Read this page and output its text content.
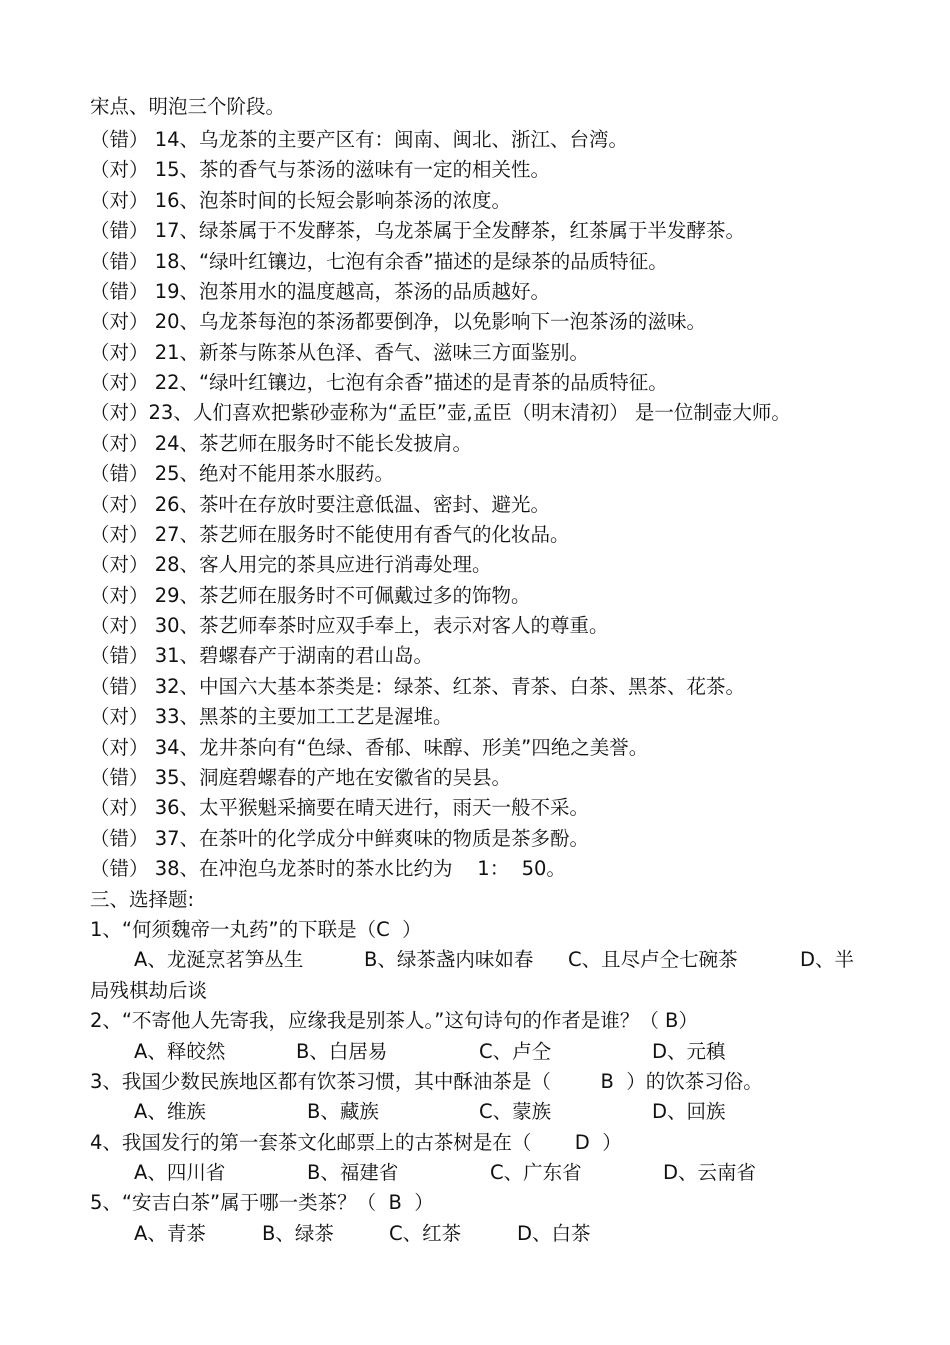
宋点、明泡三个阶段。
（错） 14、乌龙茶的主要产区有：闽南、闽北、浙江、台湾。
（对） 15、茶的香气与茶汤的滋味有一定的相关性。
（对） 16、泡茶时间的长短会影响茶汤的浓度。
（错） 17、绿茶属于不发酵茶，乌龙茶属于全发酵茶，红茶属于半发酵茶。
（错） 18、“绿叶红镶边，七泡有余香”描述的是绿茶的品质特征。
（错） 19、泡茶用水的温度越高，茶汤的品质越好。
（对） 20、乌龙茶每泡的茶汤都要倒净，以免影响下一泡茶汤的滋味。
（对） 21、新茶与陈茶从色泽、香气、滋味三方面鉴别。
（对） 22、“绿叶红镶边，七泡有余香”描述的是青茶的品质特征。
（对）23、人们喜欢把紫砂壶称为“孟臣”壶,孟臣（明末清初） 是一位制壶大师。
（对） 24、茶艺师在服务时不能长发披肩。
（错） 25、绝对不能用茶水服药。
（对） 26、茶叶在存放时要注意低温、密封、避光。
（对） 27、茶艺师在服务时不能使用有香气的化妆品。
（对） 28、客人用完的茶具应进行消毒处理。
（对） 29、茶艺师在服务时不可佩戴过多的饰物。
（对） 30、茶艺师奉茶时应双手奉上，表示对客人的尊重。
（错） 31、碧螺春产于湖南的君山岛。
（错） 32、中国六大基本茶类是：绿茶、红茶、青茶、白茶、黑茶、花茶。
（对） 33、黑茶的主要加工工艺是渥堆。
（对） 34、龙井茶向有“色绿、香郁、味醇、形美”四绝之美誉。
（错） 35、洞庭碧螺春的产地在安徽省的吴县。
（对） 36、太平猴魁采摘要在晴天进行，雨天一般不采。
（错） 37、在茶叶的化学成分中鲜爽味的物质是茶多酚。
（错） 38、在冲泡乌龙茶时的茶水比约为    1：  50。
三、选择题:
1、“何须魏帝一丸药”的下联是（C  ）
A、龙涎烹茗笋丛生	B、绿茶盏内味如春 C、且尽卢仝七碗茶	D、半
局残棋劫后谈
2、“不寄他人先寄我，应缘我是别茶人。”这句诗句的作者是谁？（ B）
A、释皎然	B、白居易	C、卢仝	D、元稹
3、我国少数民族地区都有饮茶习惯，其中酥油茶是（        B  ）的饮茶习俗。
A、维族	B、藏族	C、蒙族	D、回族
4、我国发行的第一套茶文化邮票上的古茶树是在（       D  ）
A、四川省	B、福建省	C、广东省	D、云南省
5、“安吉白茶”属于哪一类茶？（  B  ）
A、青茶	B、绿茶	C、红茶	D、白茶
